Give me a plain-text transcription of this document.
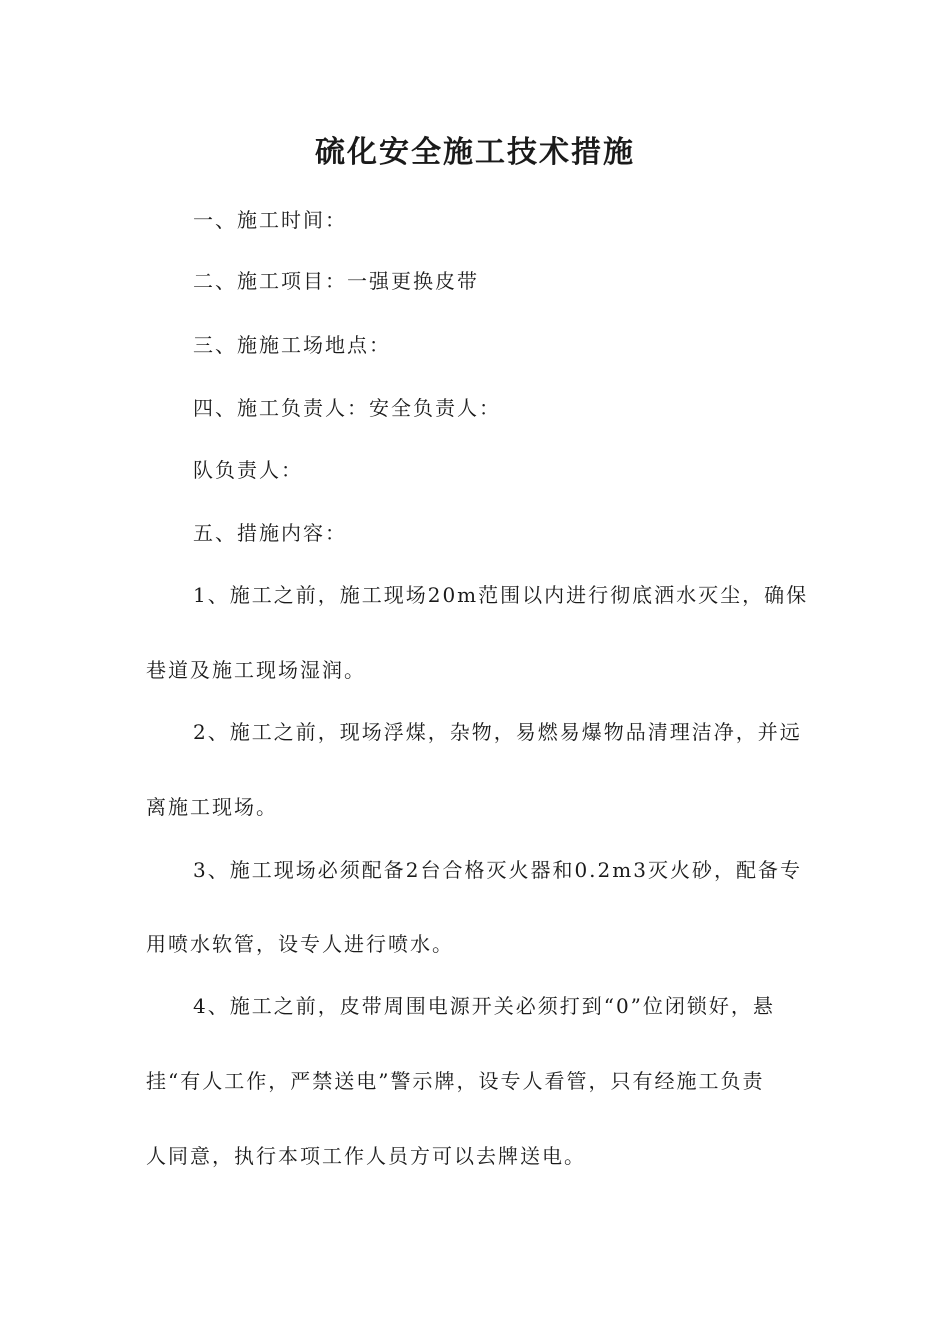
硫化安全施工技术措施
一、施工时间：
二、施工项目：一强更换皮带
三、施施工场地点：
四、施工负责人：安全负责人：
队负责人：
五、措施内容：
1、施工之前，施工现场20m范围以内进行彻底洒水灭尘，确保
巷道及施工现场湿润。
2、施工之前，现场浮煤，杂物，易燃易爆物品清理洁净，并远
离施工现场。
3、施工现场必须配备2台合格灭火器和0.2m3灭火砂，配备专
用喷水软管，设专人进行喷水。
4、施工之前，皮带周围电源开关必须打到“0”位闭锁好，悬
挂“有人工作，严禁送电”警示牌，设专人看管，只有经施工负责
人同意，执行本项工作人员方可以去牌送电。
